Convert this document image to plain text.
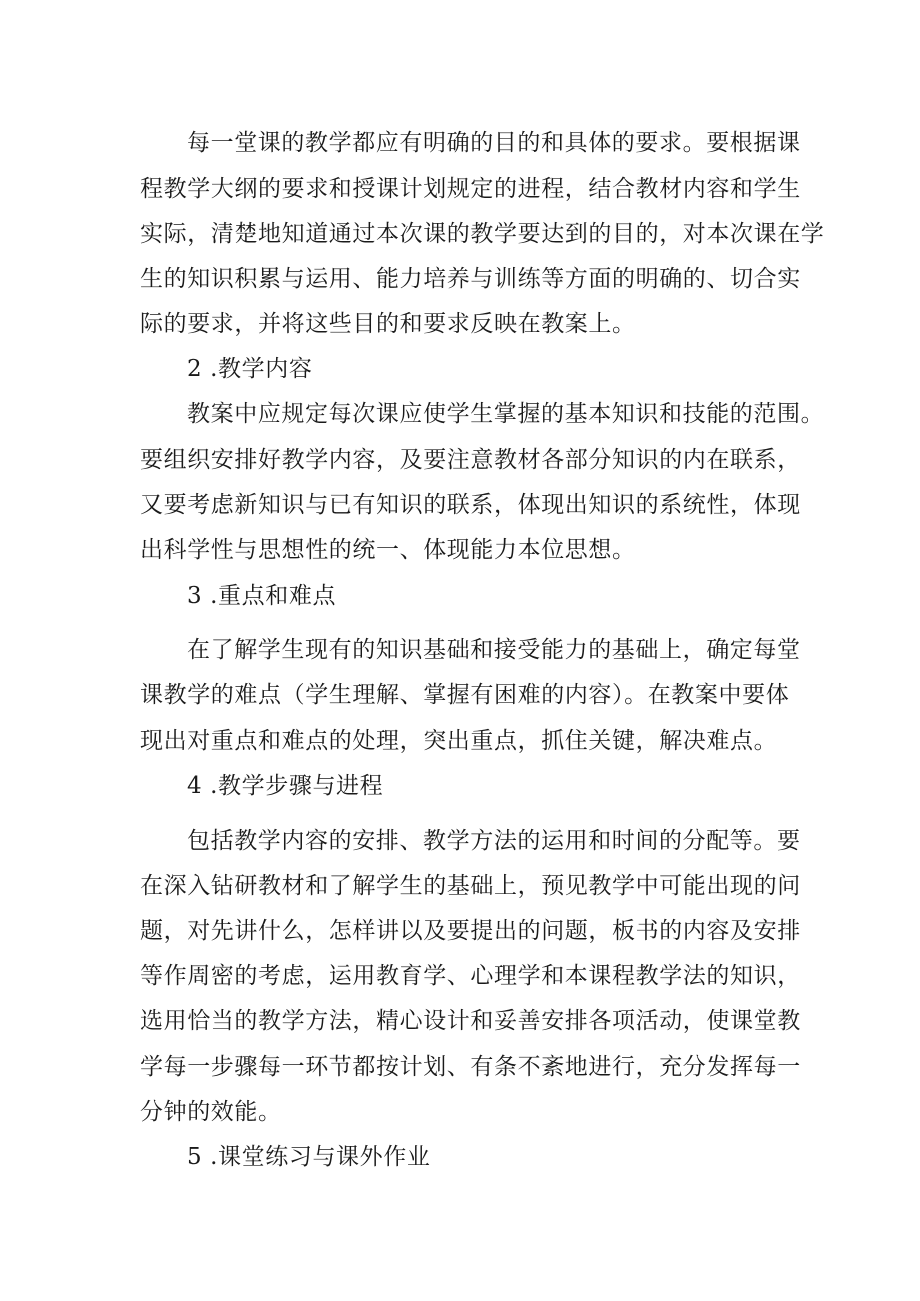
每一堂课的教学都应有明确的目的和具体的要求。要根据课
程教学大纲的要求和授课计划规定的进程，结合教材内容和学生
实际，清楚地知道通过本次课的教学要达到的目的，对本次课在学
生的知识积累与运用、能力培养与训练等方面的明确的、切合实
际的要求，并将这些目的和要求反映在教案上。
2 .教学内容
教案中应规定每次课应使学生掌握的基本知识和技能的范围。
要组织安排好教学内容，及要注意教材各部分知识的内在联系，
又要考虑新知识与已有知识的联系，体现出知识的系统性，体现
出科学性与思想性的统一、体现能力本位思想。
3 .重点和难点
在了解学生现有的知识基础和接受能力的基础上，确定每堂
课教学的难点（学生理解、掌握有困难的内容）。在教案中要体
现出对重点和难点的处理，突出重点，抓住关键，解决难点。
4 .教学步骤与进程
包括教学内容的安排、教学方法的运用和时间的分配等。要
在深入钻研教材和了解学生的基础上，预见教学中可能出现的问
题，对先讲什么，怎样讲以及要提出的问题，板书的内容及安排
等作周密的考虑，运用教育学、心理学和本课程教学法的知识，
选用恰当的教学方法，精心设计和妥善安排各项活动，使课堂教
学每一步骤每一环节都按计划、有条不紊地进行，充分发挥每一
分钟的效能。
5 .课堂练习与课外作业
